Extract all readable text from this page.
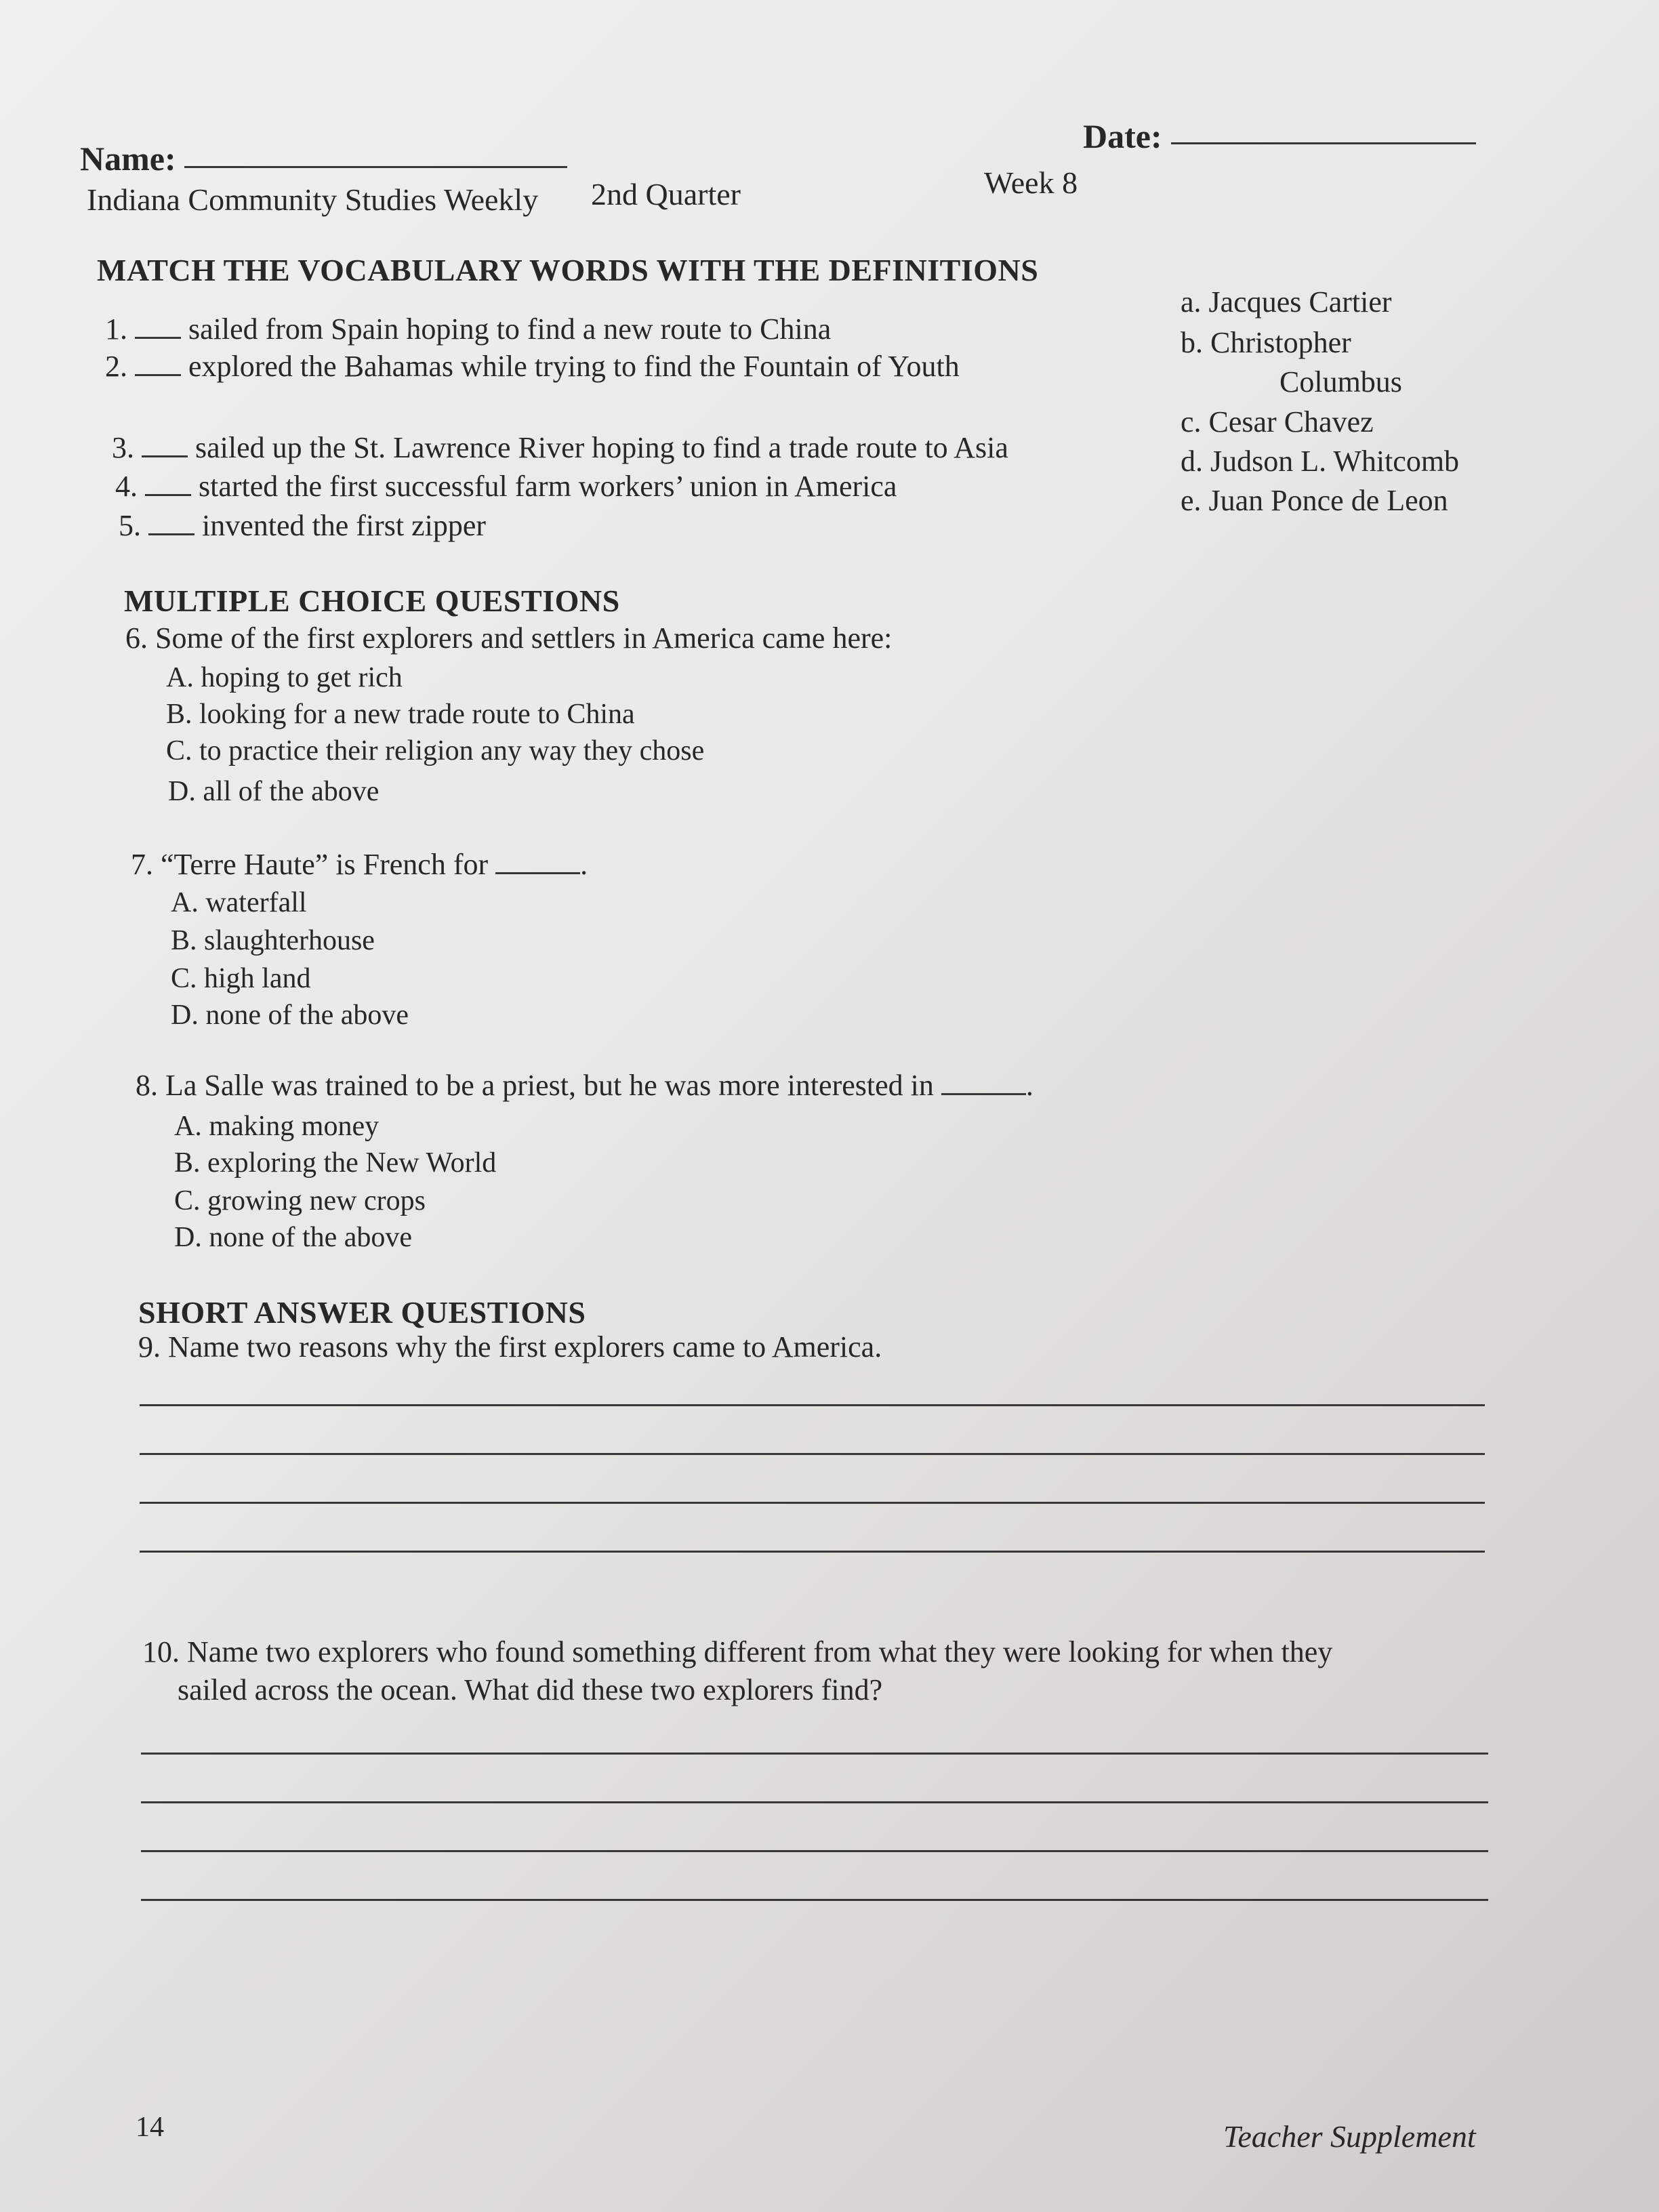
Name:
Date:
Indiana Community Studies Weekly 2nd Quarter	Week 8
MATCH THE VOCABULARY WORDS WITH THE DEFINITIONS
1. sailed from Spain hoping to find a new route to China
2. explored the Bahamas while trying to find the Fountain of Youth
3. sailed up the St. Lawrence River hoping to find a trade route to Asia
4. started the first successful farm workers’ union in America
5. invented the first zipper
a. Jacques Cartier
b. Christopher
Columbus
c. Cesar Chavez
d. Judson L. Whitcomb
e. Juan Ponce de Leon
MULTIPLE CHOICE QUESTIONS
6. Some of the first explorers and settlers in America came here:
A. hoping to get rich
B. looking for a new trade route to China
C. to practice their religion any way they chose
D. all of the above
7. “Terre Haute” is French for	.
A. waterfall
B. slaughterhouse
C. high land
D. none of the above
8. La Salle was trained to be a priest, but he was more interested in	.
A. making money
B. exploring the New World
C. growing new crops
D. none of the above
SHORT ANSWER QUESTIONS
9. Name two reasons why the first explorers came to America.
10. Name two explorers who found something different from what they were looking for when they
sailed across the ocean. What did these two explorers find?
14	Teacher Supplement
